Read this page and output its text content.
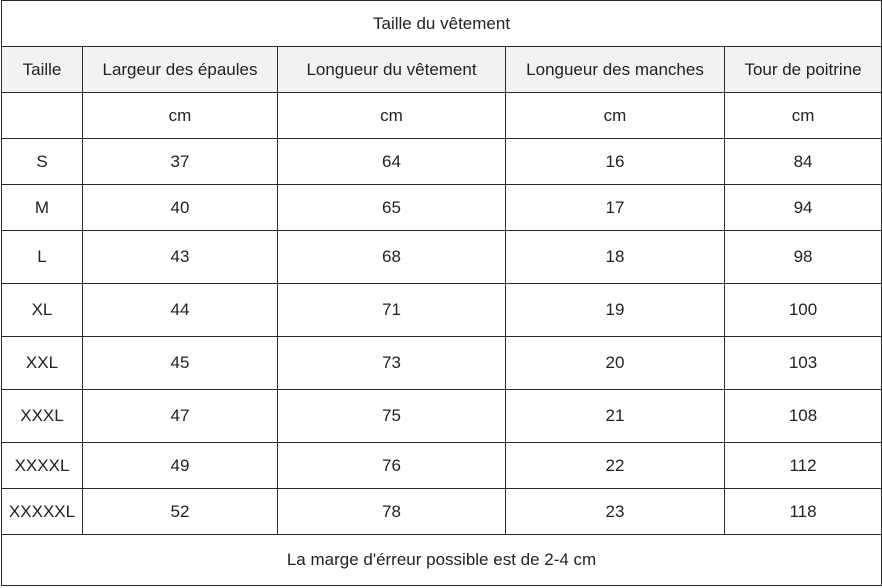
Taille du vêtement				
Taille	Largeur des épaules	Longueur du vêtement	Longueur des manches	Tour de poitrine
	cm	cm	cm	cm
S	37	64	16	84
M	40	65	17	94
L	43	68	18	98
XL	44	71	19	100
XXL	45	73	20	103
XXXL	47	75	21	108
XXXXL	49	76	22	112
XXXXXL	52	78	23	118
La marge d'érreur possible est de 2-4 cm				
